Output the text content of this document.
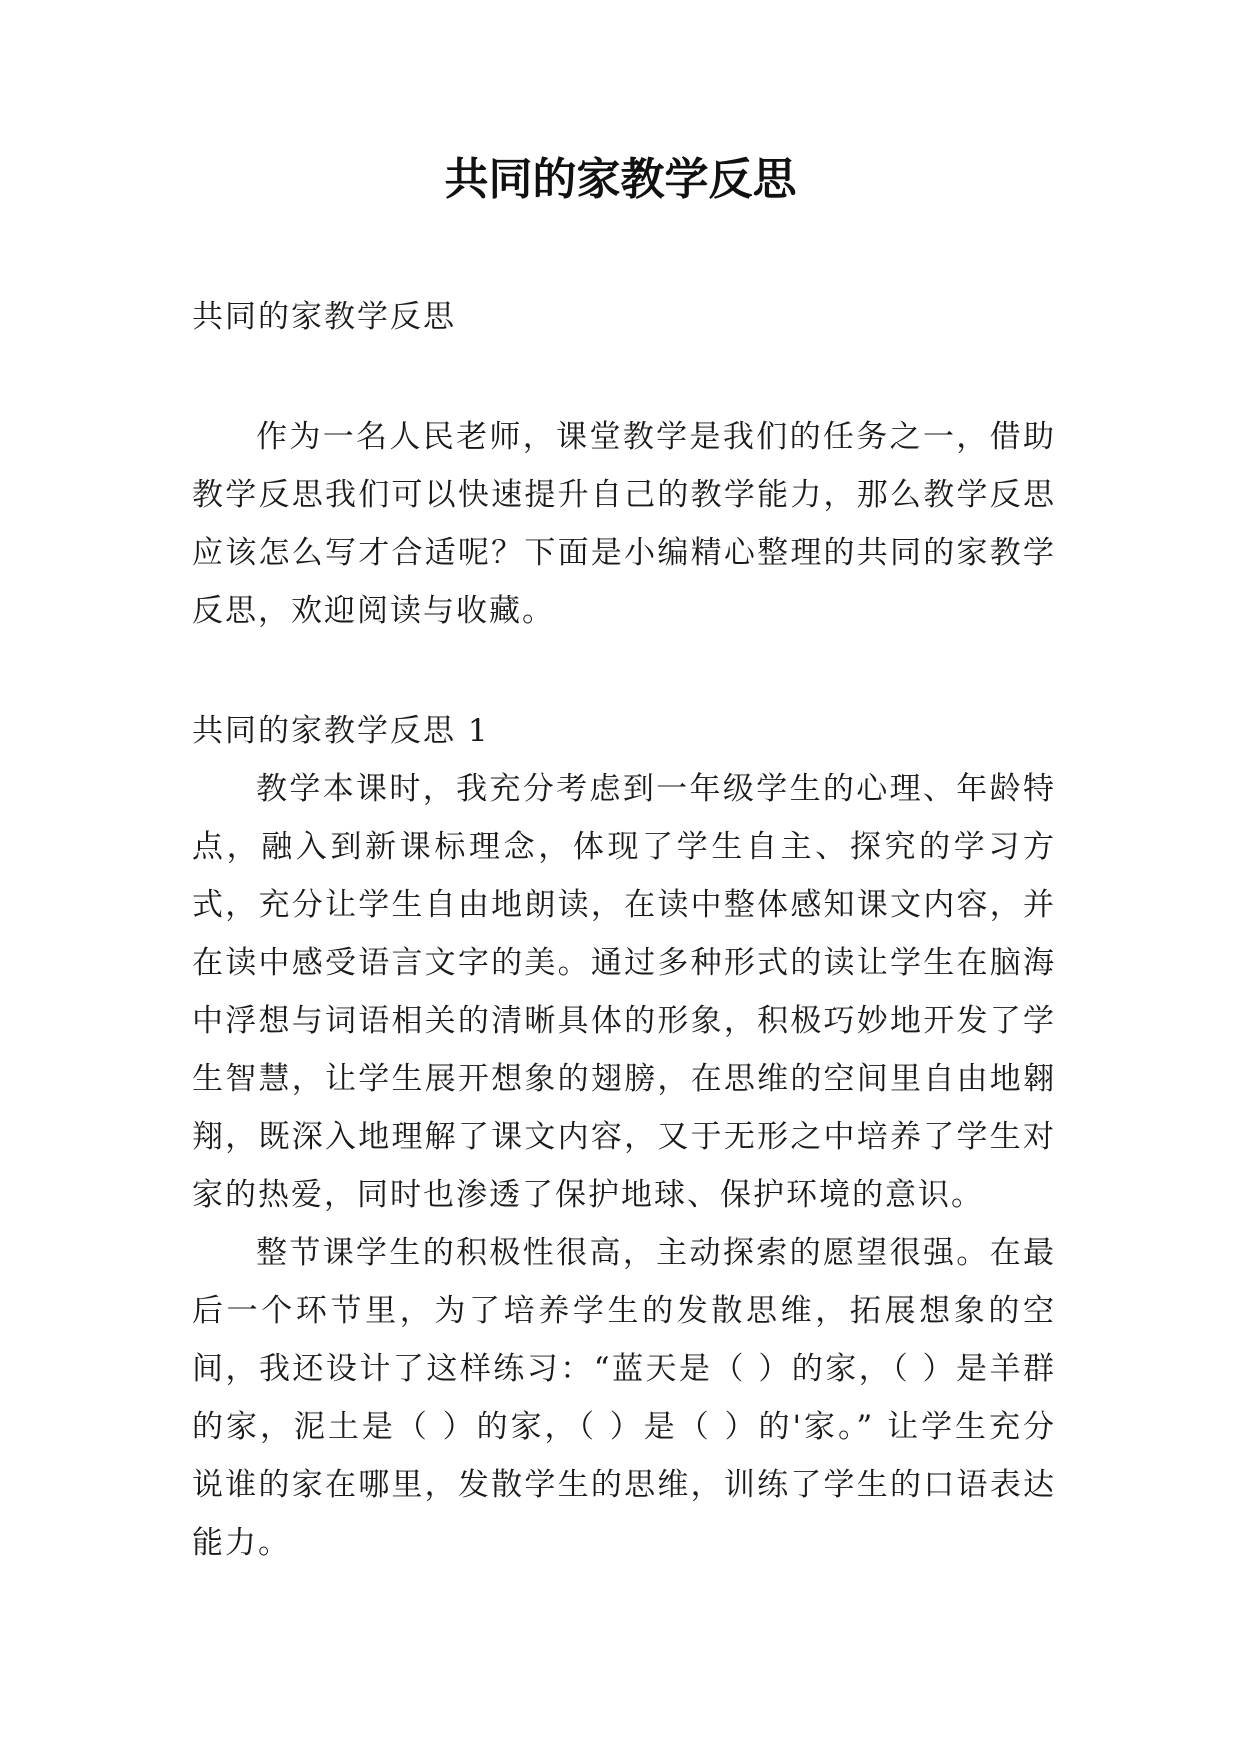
共同的家教学反思

共同的家教学反思

作为一名人民老师，课堂教学是我们的任务之一，借助教学反思我们可以快速提升自己的教学能力，那么教学反思应该怎么写才合适呢？下面是小编精心整理的共同的家教学反思，欢迎阅读与收藏。

共同的家教学反思 1

教学本课时，我充分考虑到一年级学生的心理、年龄特点，融入到新课标理念，体现了学生自主、探究的学习方式，充分让学生自由地朗读，在读中整体感知课文内容，并在读中感受语言文字的美。通过多种形式的读让学生在脑海中浮想与词语相关的清晰具体的形象，积极巧妙地开发了学生智慧，让学生展开想象的翅膀，在思维的空间里自由地翱翔，既深入地理解了课文内容，又于无形之中培养了学生对家的热爱，同时也渗透了保护地球、保护环境的意识。

整节课学生的积极性很高，主动探索的愿望很强。在最后一个环节里，为了培养学生的发散思维，拓展想象的空间，我还设计了这样练习：“蓝天是（ ）的家，（ ）是羊群的家，泥土是（ ）的家，（ ）是（ ）的'家。” 让学生充分说谁的家在哪里，发散学生的思维，训练了学生的口语表达能力。
